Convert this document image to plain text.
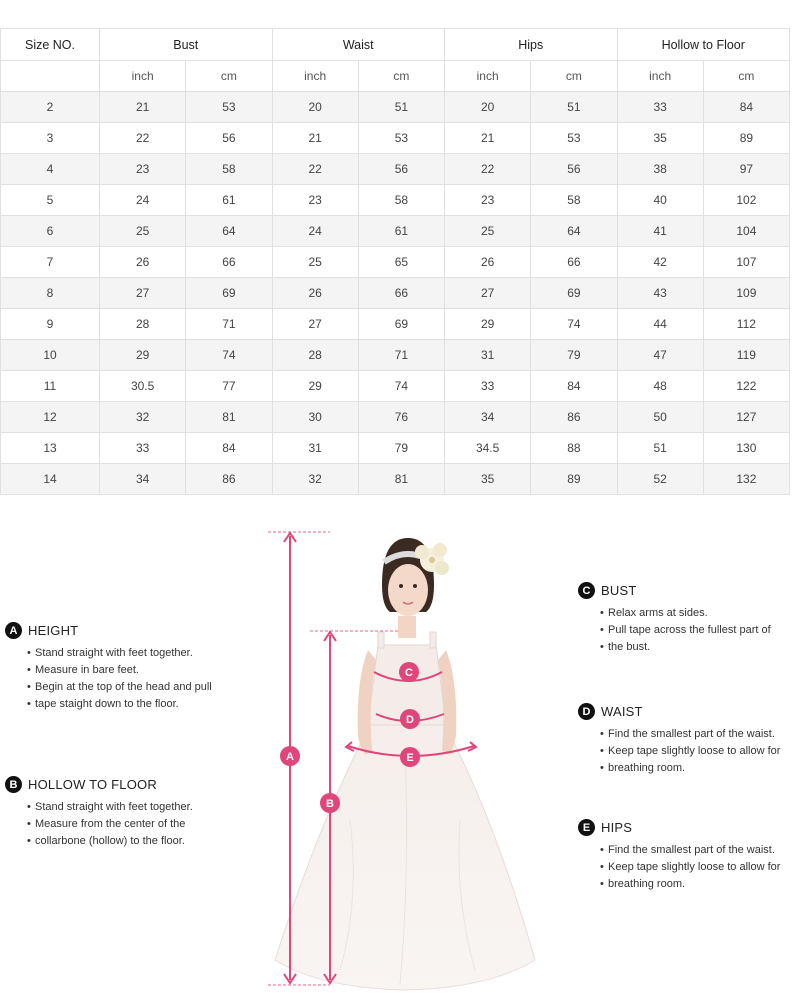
Size NO.	Bust		Waist		Hips		Hollow to Floor	
	inch	cm	inch	cm	inch	cm	inch	cm
2	21	53	20	51	20	51	33	84
3	22	56	21	53	21	53	35	89
4	23	58	22	56	22	56	38	97
5	24	61	23	58	23	58	40	102
6	25	64	24	61	25	64	41	104
7	26	66	25	65	26	66	42	107
8	27	69	26	66	27	69	43	109
9	28	71	27	69	29	74	44	112
10	29	74	28	71	31	79	47	119
11	30.5	77	29	74	33	84	48	122
12	32	81	30	76	34	86	50	127
13	33	84	31	79	34.5	88	51	130
14	34	86	32	81	35	89	52	132
A HEIGHT
• Stand straight with feet together.
• Measure in bare feet.
• Begin at the top of the head and pull
• tape staight down to the floor.
B HOLLOW TO FLOOR
• Stand straight with feet together.
• Measure from the center of the
• collarbone (hollow) to the floor.
C BUST
• Relax arms at sides.
• Pull tape across the fullest part of
• the bust.
D WAIST
• Find the smallest part of the waist.
• Keep tape slightly loose to allow for
• breathing room.
E HIPS
• Find the smallest part of the waist.
• Keep tape slightly loose to allow for
• breathing room.
A
B
C
D
E
